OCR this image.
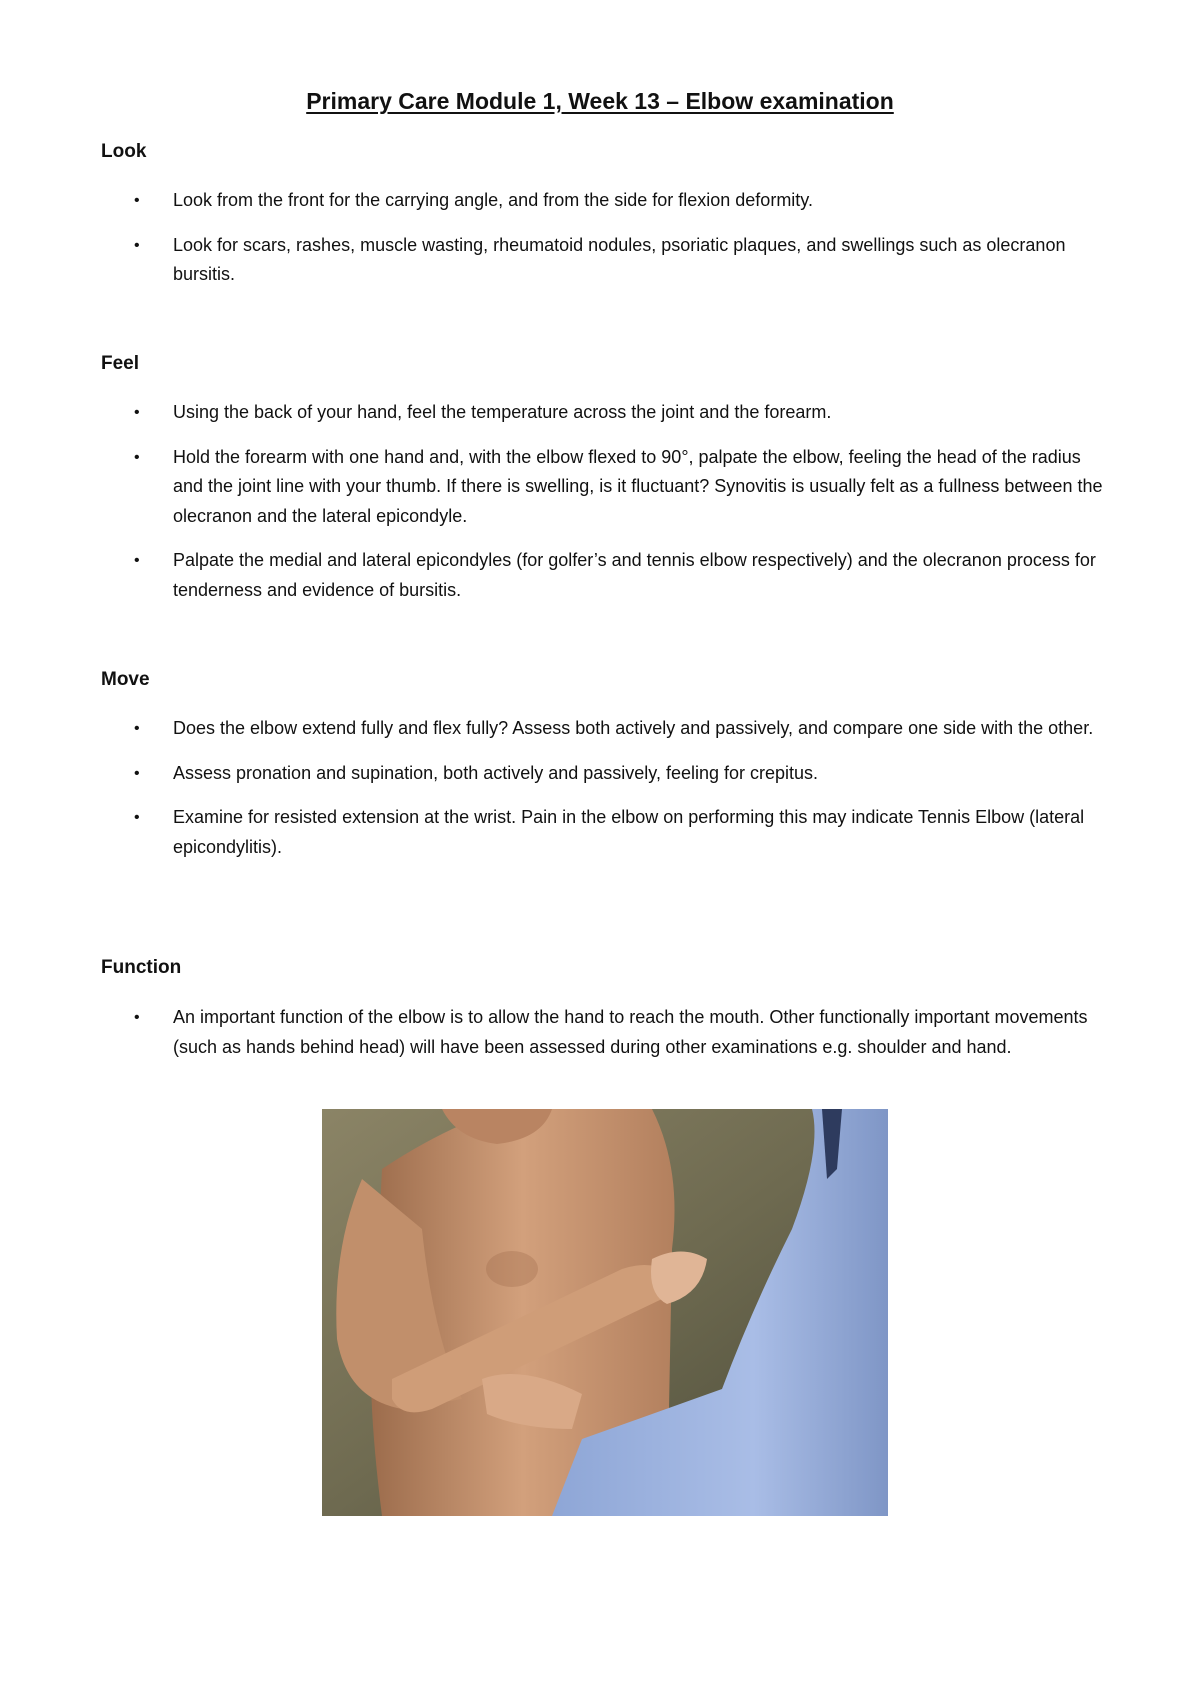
Primary Care Module 1, Week 13 – Elbow examination
Look
• Look from the front for the carrying angle, and from the side for flexion deformity.
• Look for scars, rashes, muscle wasting, rheumatoid nodules, psoriatic plaques, and swellings such as olecranon bursitis.
Feel
• Using the back of your hand, feel the temperature across the joint and the forearm.
• Hold the forearm with one hand and, with the elbow flexed to 90°, palpate the elbow, feeling the head of the radius and the joint line with your thumb. If there is swelling, is it fluctuant? Synovitis is usually felt as a fullness between the olecranon and the lateral epicondyle.
• Palpate the medial and lateral epicondyles (for golfer’s and tennis elbow respectively) and the olecranon process for tenderness and evidence of bursitis.
Move
• Does the elbow extend fully and flex fully? Assess both actively and passively, and compare one side with the other.
• Assess pronation and supination, both actively and passively, feeling for crepitus.
• Examine for resisted extension at the wrist. Pain in the elbow on performing this may indicate Tennis Elbow (lateral epicondylitis).
Function
• An important function of the elbow is to allow the hand to reach the mouth. Other functionally important movements (such as hands behind head) will have been assessed during other examinations e.g. shoulder and hand.
